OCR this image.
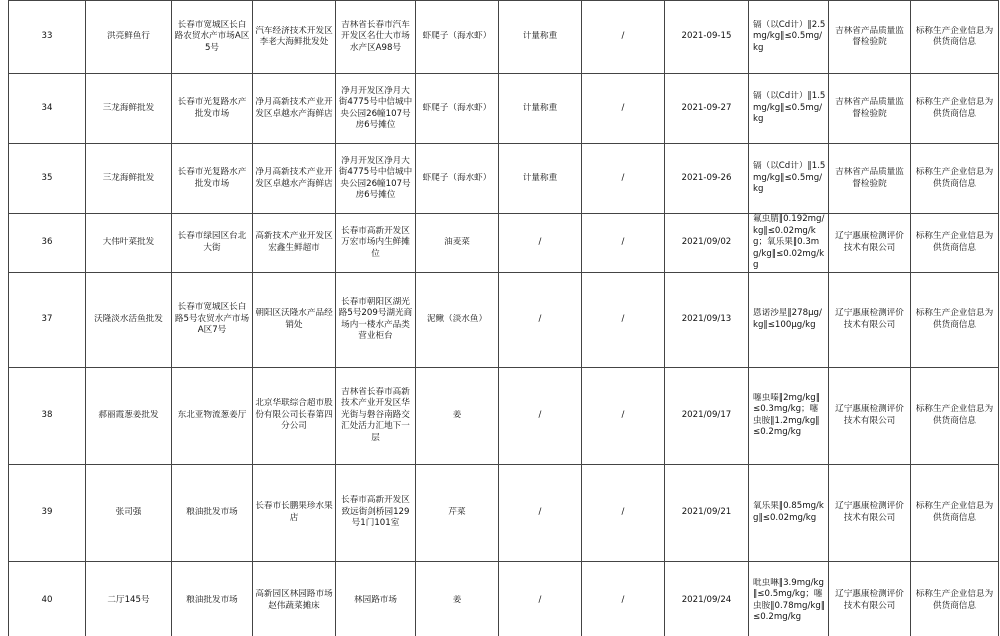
33	洪亮鲜鱼行	长春市宽城区长白路农贸水产市场A区5号	汽车经济技术开发区李老大海鲜批发处	吉林省长春市汽车开发区名仕大市场水产区A98号	虾爬子（海水虾）	计量称重	/	2021-09-15	镉（以Cd计）‖2.5mg/kg‖≤0.5mg/kg	吉林省产品质量监督检验院	标称生产企业信息为供货商信息

34	三龙海鲜批发	长春市光复路水产批发市场	净月高新技术产业开发区卓越水产海鲜店	净月开发区净月大街4775号中信城中央公园26幢107号房6号摊位	虾爬子（海水虾）	计量称重	/	2021-09-27	镉（以Cd计）‖1.5mg/kg‖≤0.5mg/kg	吉林省产品质量监督检验院	标称生产企业信息为供货商信息

35	三龙海鲜批发	长春市光复路水产批发市场	净月高新技术产业开发区卓越水产海鲜店	净月开发区净月大街4775号中信城中央公园26幢107号房6号摊位	虾爬子（海水虾）	计量称重	/	2021-09-26	镉（以Cd计）‖1.5mg/kg‖≤0.5mg/kg	吉林省产品质量监督检验院	标称生产企业信息为供货商信息

36	大伟叶菜批发	长春市绿园区台北大街	高新技术产业开发区宏鑫生鲜超市	长春市高新开发区万宏市场内生鲜摊位	油麦菜	/	/	2021/09/02	氟虫腈‖0.192mg/kg‖≤0.02mg/kg；氧乐果‖0.3mg/kg‖≤0.02mg/kg	辽宁惠康检测评价技术有限公司	标称生产企业信息为供货商信息

37	沃隆淡水活鱼批发	长春市宽城区长白路5号农贸水产市场A区7号	朝阳区沃隆水产品经销处	长春市朝阳区湖光路5号209号湖光商场内一楼水产品类营业柜台	泥鳅（淡水鱼）	/	/	2021/09/13	恩诺沙星‖278μg/kg‖≤100μg/kg	辽宁惠康检测评价技术有限公司	标称生产企业信息为供货商信息

38	郝丽霞葱姜批发	东北亚物流葱姜厅	北京华联综合超市股份有限公司长春第四分公司	吉林省长春市高新技术产业开发区华光街与磐谷南路交汇处活力汇地下一层	姜	/	/	2021/09/17	噻虫嗪‖2mg/kg‖≤0.3mg/kg；噻虫胺‖1.2mg/kg‖≤0.2mg/kg	辽宁惠康检测评价技术有限公司	标称生产企业信息为供货商信息

39	张司强	粮油批发市场	长春市长鹏果珍水果店	长春市高新开发区致远街剑桥园129号1门101室	芹菜	/	/	2021/09/21	氧乐果‖0.85mg/kg‖≤0.02mg/kg	辽宁惠康检测评价技术有限公司	标称生产企业信息为供货商信息

40	二厅145号	粮油批发市场	高新园区林园路市场赵伟蔬菜摊床	林园路市场	姜	/	/	2021/09/24	吡虫啉‖3.9mg/kg‖≤0.5mg/kg；噻虫胺‖0.78mg/kg‖≤0.2mg/kg	辽宁惠康检测评价技术有限公司	标称生产企业信息为供货商信息
